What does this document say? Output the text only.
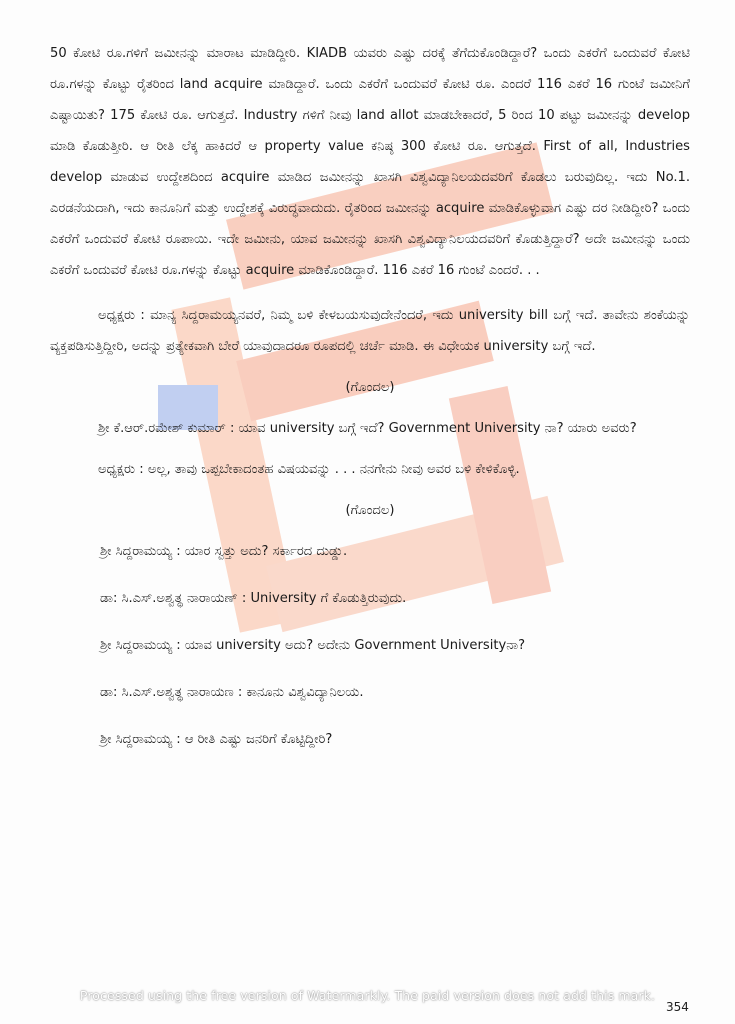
50 ಕೋಟಿ ರೂ.ಗಳಿಗೆ ಜಮೀನನ್ನು ಮಾರಾಟ ಮಾಡಿದ್ದೀರಿ. KIADB ಯವರು ಎಷ್ಟು ದರಕ್ಕೆ ತೆಗೆದುಕೊಂಡಿದ್ದಾರೆ? ಒಂದು ಎಕರೆಗೆ ಒಂದುವರೆ ಕೋಟಿ ರೂ.ಗಳನ್ನು ಕೊಟ್ಟು ರೈತರಿಂದ land acquire ಮಾಡಿದ್ದಾರೆ. ಒಂದು ಎಕರೆಗೆ ಒಂದುವರೆ ಕೋಟಿ ರೂ. ಎಂದರೆ 116 ಎಕರೆ 16 ಗುಂಟೆ ಜಮೀನಿಗೆ ಎಷ್ಟಾಯಿತು? 175 ಕೋಟಿ ರೂ. ಆಗುತ್ತದೆ. Industry ಗಳಿಗೆ ನೀವು land allot ಮಾಡಬೇಕಾದರೆ, 5 ರಿಂದ 10 ಪಟ್ಟು ಜಮೀನನ್ನು develop ಮಾಡಿ ಕೊಡುತ್ತೀರಿ. ಆ ರೀತಿ ಲೆಕ್ಕ ಹಾಕಿದರೆ ಆ property value ಕನಿಷ್ಠ 300 ಕೋಟಿ ರೂ. ಆಗುತ್ತದೆ. First of all, Industries develop ಮಾಡುವ ಉದ್ದೇಶದಿಂದ acquire ಮಾಡಿದ ಜಮೀನನ್ನು ಖಾಸಗಿ ವಿಶ್ವವಿದ್ಯಾನಿಲಯದವರಿಗೆ ಕೊಡಲು ಬರುವುದಿಲ್ಲ. ಇದು No.1. ಎರಡನೆಯದಾಗಿ, ಇದು ಕಾನೂನಿಗೆ ಮತ್ತು ಉದ್ದೇಶಕ್ಕೆ ವಿರುದ್ಧವಾದುದು. ರೈತರಿಂದ ಜಮೀನನ್ನು acquire ಮಾಡಿಕೊಳ್ಳುವಾಗ ಎಷ್ಟು ದರ ನೀಡಿದ್ದೀರಿ? ಒಂದು ಎಕರೆಗೆ ಒಂದುವರೆ ಕೋಟಿ ರೂಪಾಯಿ. ಇದೇ ಜಮೀನು, ಯಾವ ಜಮೀನನ್ನು ಖಾಸಗಿ ವಿಶ್ವವಿದ್ಯಾನಿಲಯದವರಿಗೆ ಕೊಡುತ್ತಿದ್ದಾರೆ? ಅದೇ ಜಮೀನನ್ನು ಒಂದು ಎಕರೆಗೆ ಒಂದುವರೆ ಕೋಟಿ ರೂ.ಗಳನ್ನು ಕೊಟ್ಟು acquire ಮಾಡಿಕೊಂಡಿದ್ದಾರೆ. 116 ಎಕರೆ 16 ಗುಂಟೆ ಎಂದರೆ. . .

ಅಧ್ಯಕ್ಷರು : ಮಾನ್ಯ ಸಿದ್ದರಾಮಯ್ಯನವರೆ, ನಿಮ್ಮ ಬಳಿ ಕೇಳಬಯಸುವುದೇನೆಂದರೆ, ಇದು university bill ಬಗ್ಗೆ ಇದೆ. ತಾವೇನು ಶಂಕೆಯನ್ನು ವ್ಯಕ್ತಪಡಿಸುತ್ತಿದ್ದೀರಿ, ಅದನ್ನು ಪ್ರತ್ಯೇಕವಾಗಿ ಬೇರೆ ಯಾವುದಾದರೂ ರೂಪದಲ್ಲಿ ಚರ್ಚೆ ಮಾಡಿ. ಈ ವಿಧೇಯಕ university ಬಗ್ಗೆ ಇದೆ.

(ಗೊಂದಲ)

ಶ್ರೀ ಕೆ.ಆರ್.ರಮೇಶ್ ಕುಮಾರ್ : ಯಾವ university ಬಗ್ಗೆ ಇದೆ? Government University ನಾ? ಯಾರು ಅವರು?

ಅಧ್ಯಕ್ಷರು : ಅಲ್ಲ, ತಾವು ಒಪ್ಪಬೇಕಾದಂತಹ ವಿಷಯವನ್ನು . . . ನನಗೇನು ನೀವು ಅವರ ಬಳಿ ಕೇಳಿಕೊಳ್ಳಿ.

(ಗೊಂದಲ)

ಶ್ರೀ ಸಿದ್ದರಾಮಯ್ಯ : ಯಾರ ಸ್ವತ್ತು ಅದು? ಸರ್ಕಾರದ ದುಡ್ಡು.

ಡಾ: ಸಿ.ಎಸ್.ಅಶ್ವತ್ಥ ನಾರಾಯಣ್ : University ಗೆ ಕೊಡುತ್ತಿರುವುದು.

ಶ್ರೀ ಸಿದ್ದರಾಮಯ್ಯ : ಯಾವ university ಅದು? ಅದೇನು Government Universityನಾ?

ಡಾ: ಸಿ.ಎಸ್.ಅಶ್ವತ್ಥ ನಾರಾಯಣ : ಕಾನೂನು ವಿಶ್ವವಿದ್ಯಾನಿಲಯ.

ಶ್ರೀ ಸಿದ್ದರಾಮಯ್ಯ : ಆ ರೀತಿ ಎಷ್ಟು ಜನರಿಗೆ ಕೊಟ್ಟಿದ್ದೀರಿ?

Processed using the free version of Watermarkly. The paid version does not add this mark.
354
